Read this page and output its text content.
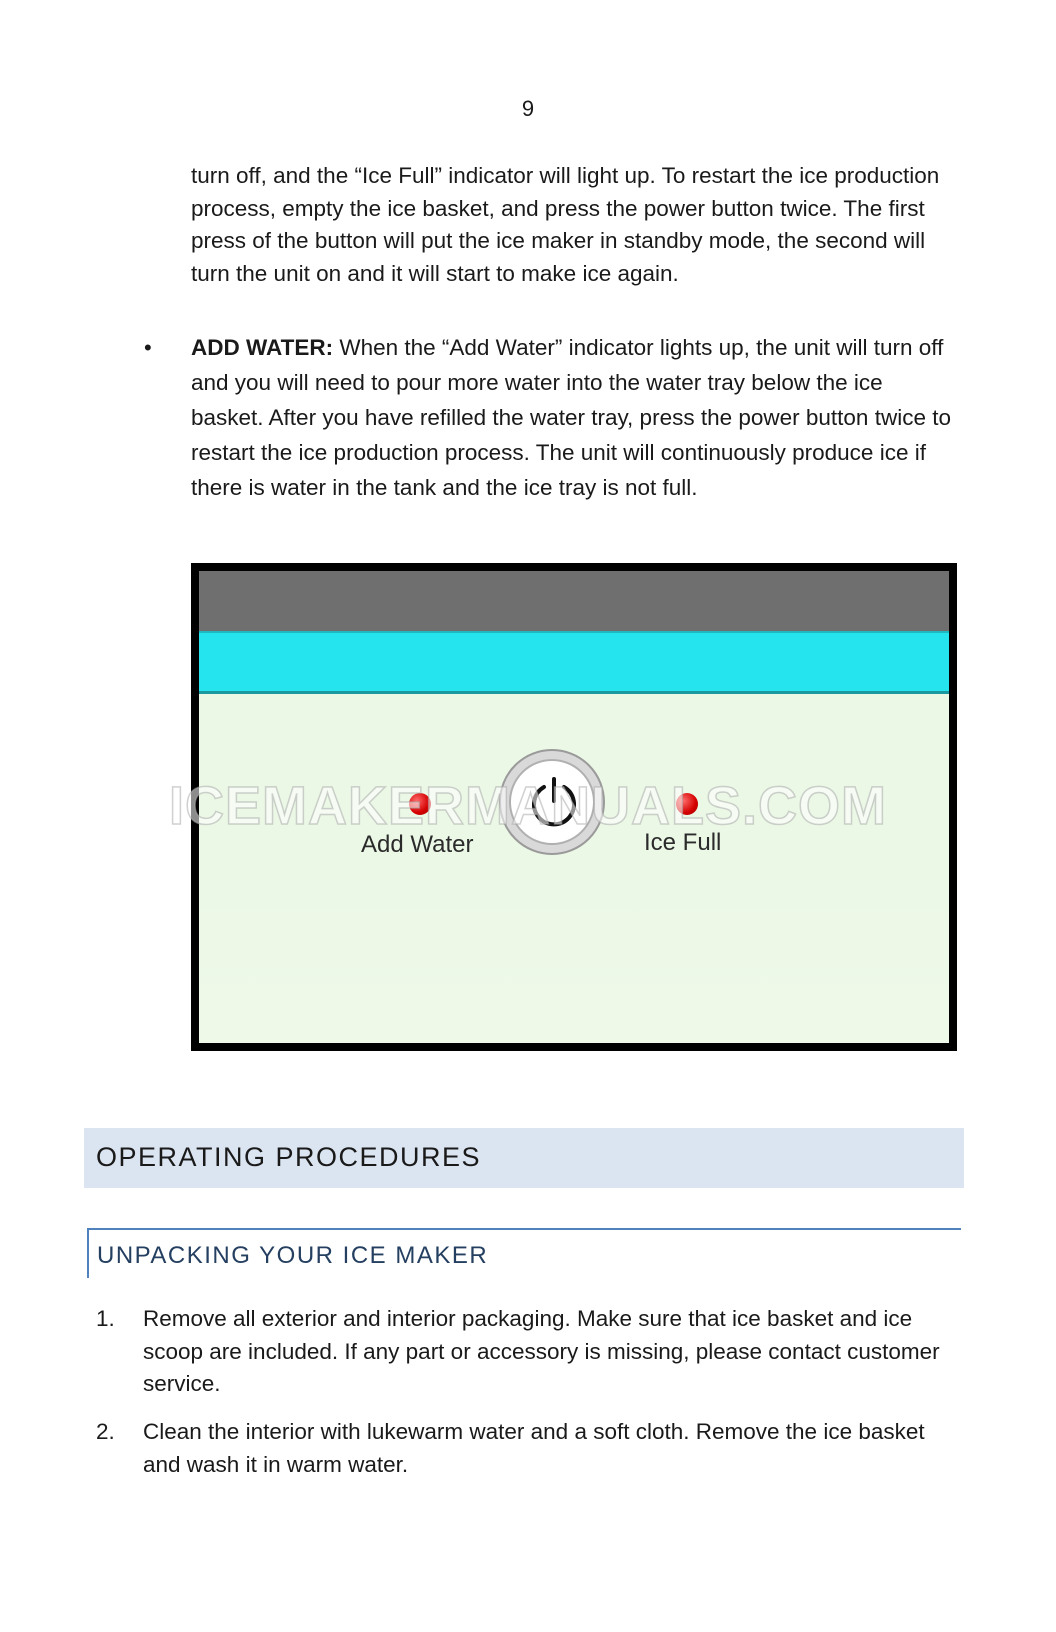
9
turn off, and the “Ice Full” indicator will light up. To restart the ice production process, empty the ice basket, and press the power button twice. The first press of the button will put the ice maker in standby mode, the second will turn the unit on and it will start to make ice again.
• ADD WATER: When the “Add Water” indicator lights up, the unit will turn off and you will need to pour more water into the water tray below the ice basket. After you have refilled the water tray, press the power button twice to restart the ice production process. The unit will continuously produce ice if there is water in the tank and the ice tray is not full.
Add Water	Ice Full
ICEMAKERMANUALS.COM
OPERATING PROCEDURES
UNPACKING YOUR ICE MAKER
1. Remove all exterior and interior packaging. Make sure that ice basket and ice scoop are included. If any part or accessory is missing, please contact customer service.
2. Clean the interior with lukewarm water and a soft cloth. Remove the ice basket and wash it in warm water.
